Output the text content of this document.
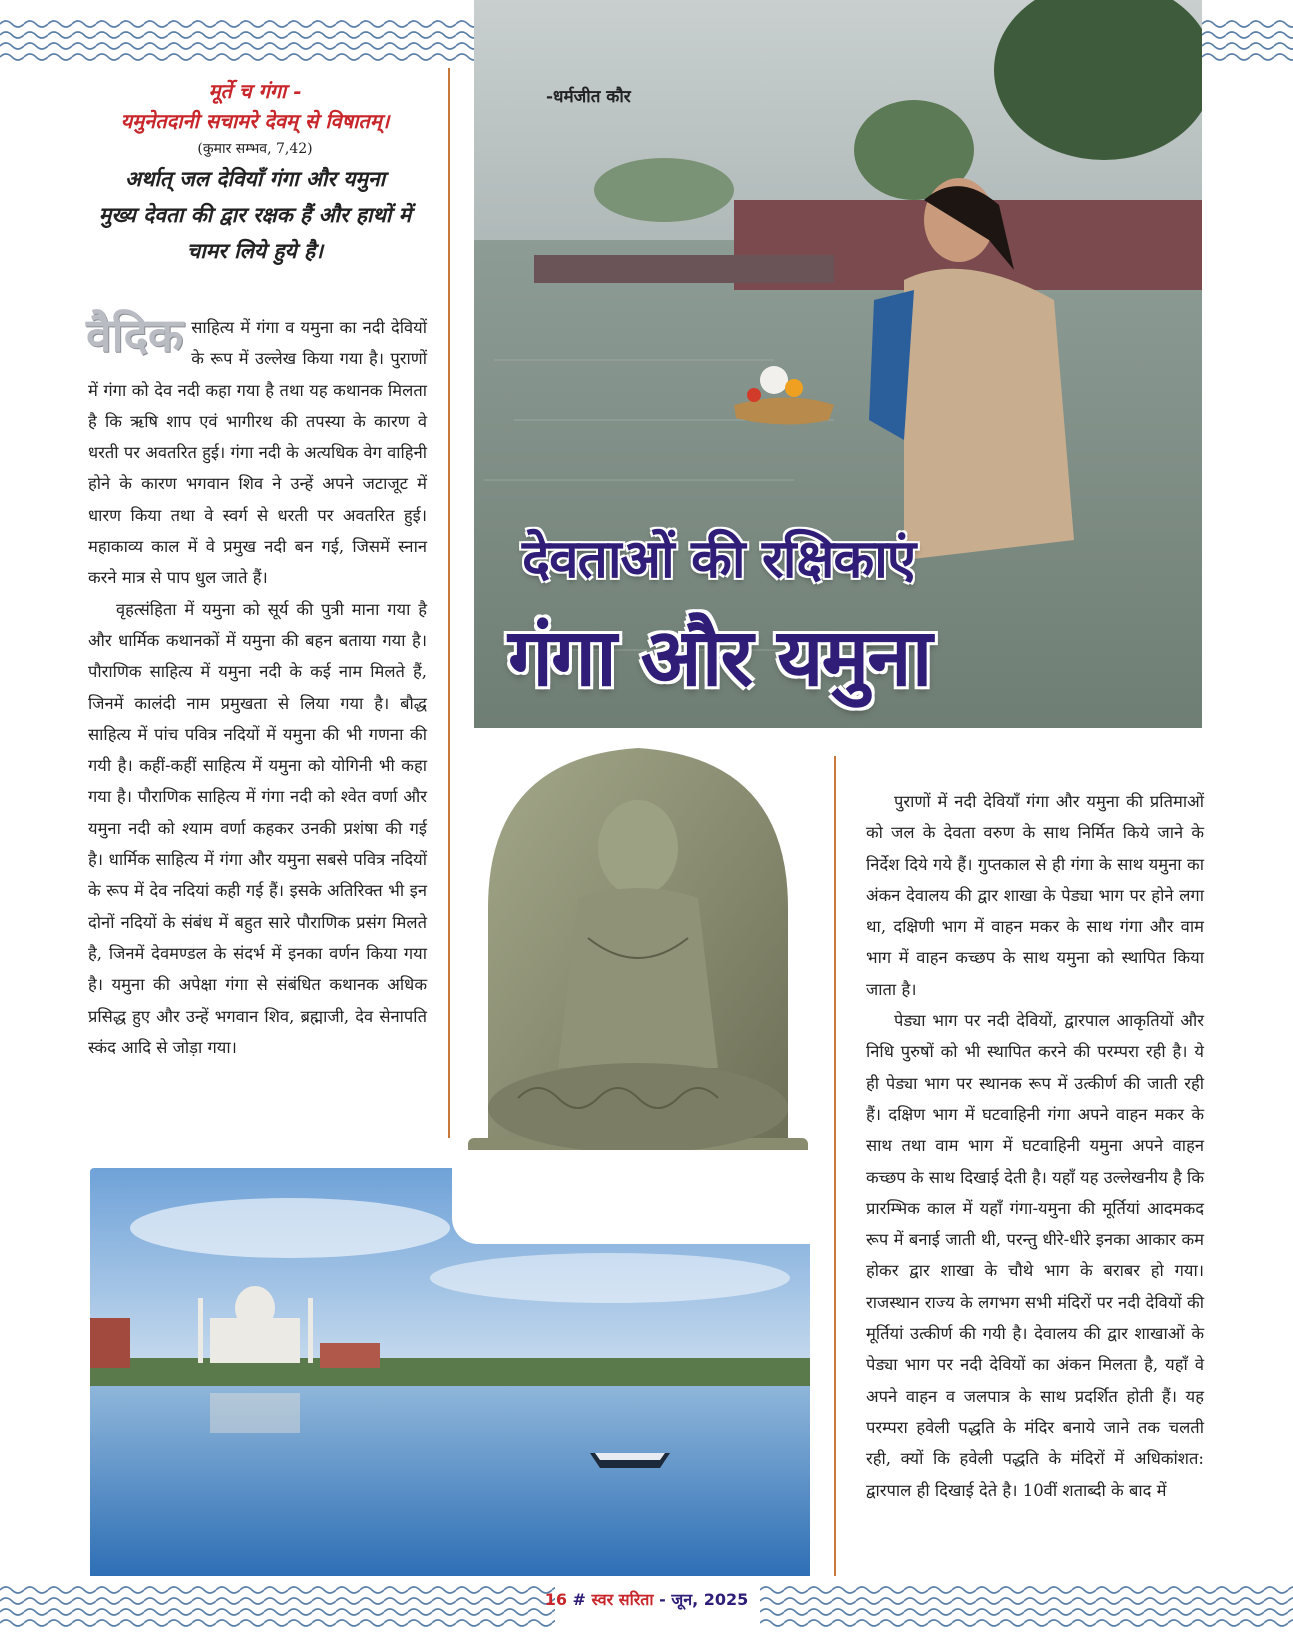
-धर्मजीत कौर
देवताओं की रक्षिकाएं
गंगा और यमुना
मूर्ते च गंगा -
यमुनेतदानी सचामरे देवम् से विषातम्।
(कुमार सम्भव, 7,42)
अर्थात् जल देवियाँ गंगा और यमुना
मुख्य देवता की द्वार रक्षक हैं और हाथों में
चामर लिये हुये है।

वैदिक साहित्य में गंगा व यमुना का नदी देवियों के रूप में उल्लेख किया गया है। पुराणों में गंगा को देव नदी कहा गया है तथा यह कथानक मिलता है कि ऋषि शाप एवं भागीरथ की तपस्या के कारण वे धरती पर अवतरित हुई। गंगा नदी के अत्यधिक वेग वाहिनी होने के कारण भगवान शिव ने उन्हें अपने जटाजूट में धारण किया तथा वे स्वर्ग से धरती पर अवतरित हुई। महाकाव्य काल में वे प्रमुख नदी बन गई, जिसमें स्नान करने मात्र से पाप धुल जाते हैं।

वृहत्संहिता में यमुना को सूर्य की पुत्री माना गया है और धार्मिक कथानकों में यमुना की बहन बताया गया है। पौराणिक साहित्य में यमुना नदी के कई नाम मिलते हैं, जिनमें कालंदी नाम प्रमुखता से लिया गया है। बौद्ध साहित्य में पांच पवित्र नदियों में यमुना की भी गणना की गयी है। कहीं-कहीं साहित्य में यमुना को योगिनी भी कहा गया है। पौराणिक साहित्य में गंगा नदी को श्वेत वर्णा और यमुना नदी को श्याम वर्णा कहकर उनकी प्रशंषा की गई है। धार्मिक साहित्य में गंगा और यमुना सबसे पवित्र नदियों के रूप में देव नदियां कही गई हैं। इसके अतिरिक्त भी इन दोनों नदियों के संबंध में बहुत सारे पौराणिक प्रसंग मिलते है, जिनमें देवमण्डल के संदर्भ में इनका वर्णन किया गया है। यमुना की अपेक्षा गंगा से संबंधित कथानक अधिक प्रसिद्ध हुए और उन्हें भगवान शिव, ब्रह्माजी, देव सेनापति स्कंद आदि से जोड़ा गया।

पुराणों में नदी देवियाँ गंगा और यमुना की प्रतिमाओं को जल के देवता वरुण के साथ निर्मित किये जाने के निर्देश दिये गये हैं। गुप्तकाल से ही गंगा के साथ यमुना का अंकन देवालय की द्वार शाखा के पेड्या भाग पर होने लगा था, दक्षिणी भाग में वाहन मकर के साथ गंगा और वाम भाग में वाहन कच्छप के साथ यमुना को स्थापित किया जाता है।

पेड्या भाग पर नदी देवियों, द्वारपाल आकृतियों और निधि पुरुषों को भी स्थापित करने की परम्परा रही है। ये ही पेड्या भाग पर स्थानक रूप में उत्कीर्ण की जाती रही हैं। दक्षिण भाग में घटवाहिनी गंगा अपने वाहन मकर के साथ तथा वाम भाग में घटवाहिनी यमुना अपने वाहन कच्छप के साथ दिखाई देती है। यहाँ यह उल्लेखनीय है कि प्रारम्भिक काल में यहाँ गंगा-यमुना की मूर्तियां आदमकद रूप में बनाई जाती थी, परन्तु धीरे-धीरे इनका आकार कम होकर द्वार शाखा के चौथे भाग के बराबर हो गया। राजस्थान राज्य के लगभग सभी मंदिरों पर नदी देवियों की मूर्तियां उत्कीर्ण की गयी है। देवालय की द्वार शाखाओं के पेड्या भाग पर नदी देवियों का अंकन मिलता है, यहाँ वे अपने वाहन व जलपात्र के साथ प्रदर्शित होती हैं। यह परम्परा हवेली पद्धति के मंदिर बनाये जाने तक चलती रही, क्यों कि हवेली पद्धति के मंदिरों में अधिकांशत: द्वारपाल ही दिखाई देते है। 10वीं शताब्दी के बाद में

16 # स्वर सरिता - जून, 2025
